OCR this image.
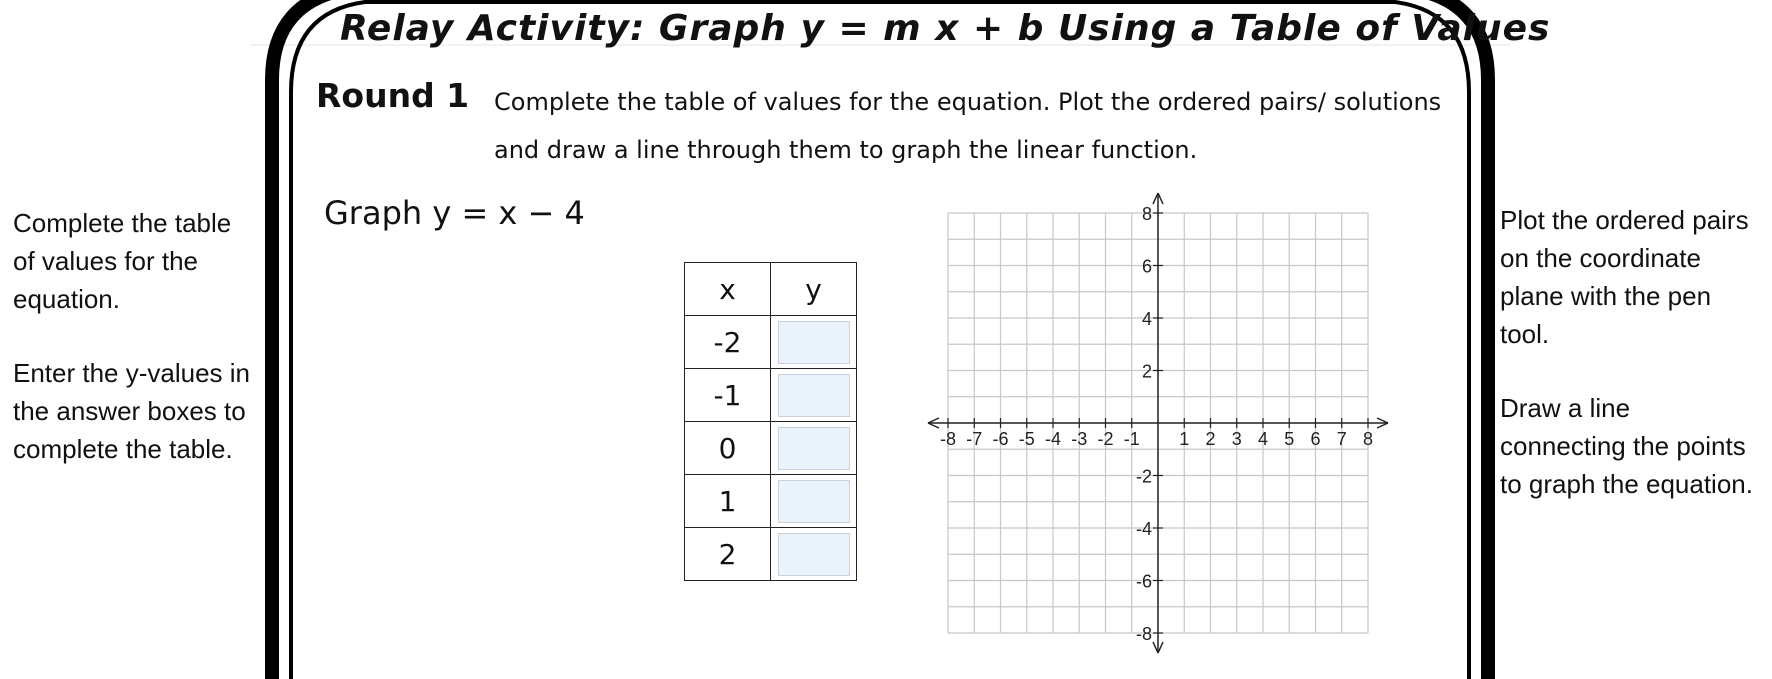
Complete the table of values for the equation.

Enter the y-values in the answer boxes to complete the table.

Plot the ordered pairs on the coordinate plane with the pen tool.

Draw a line connecting the points to graph the equation.

Relay Activity: Graph y = m x + b Using a Table of Values
Round 1 Complete the table of values for the equation. Plot the ordered pairs/ solutions and draw a line through them to graph the linear function.
Graph y = x − 4
x	y
-2	

-1	

0	

1	

2	
-8 -7 -6 -5 -4 -3 -2 -1 1 2 3 4 5 6 7 8
8
6
4
2
-2
-4
-6
-8
